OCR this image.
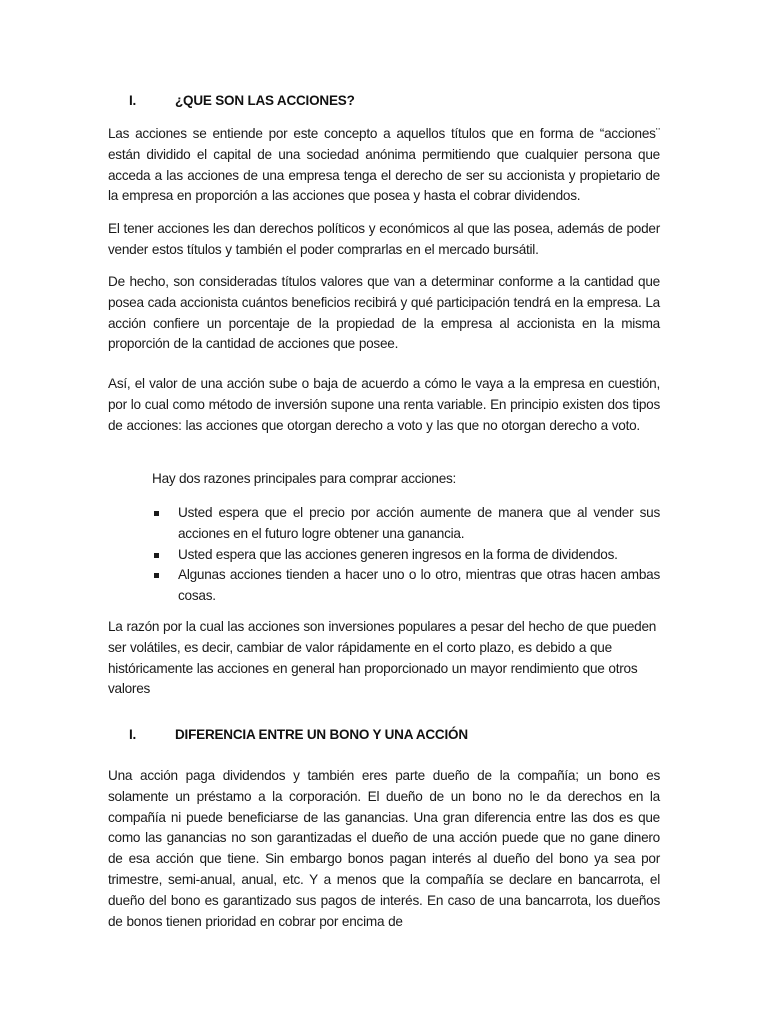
I.	¿QUE SON LAS ACCIONES?

Las acciones se entiende por este concepto a aquellos títulos que en forma de “acciones¨ están dividido el capital de una sociedad anónima permitiendo que cualquier persona que acceda a las acciones de una empresa tenga el derecho de ser su accionista y propietario de la empresa en proporción a las acciones que posea y hasta el cobrar dividendos.

El tener acciones les dan derechos políticos y económicos al que las posea, además de poder vender estos títulos y también el poder comprarlas en el mercado bursátil.

De hecho, son consideradas títulos valores que van a determinar conforme a la cantidad que posea cada accionista cuántos beneficios recibirá y qué participación tendrá en la empresa. La acción confiere un porcentaje de la propiedad de la empresa al accionista en la misma proporción de la cantidad de acciones que posee.

Así, el valor de una acción sube o baja de acuerdo a cómo le vaya a la empresa en cuestión, por lo cual como método de inversión supone una renta variable. En principio existen dos tipos de acciones: las acciones que otorgan derecho a voto y las que no otorgan derecho a voto.

Hay dos razones principales para comprar acciones:
Usted espera que el precio por acción aumente de manera que al vender sus acciones en el futuro logre obtener una ganancia.
Usted espera que las acciones generen ingresos en la forma de dividendos.
Algunas acciones tienden a hacer uno o lo otro, mientras que otras hacen ambas cosas.

La razón por la cual las acciones son inversiones populares a pesar del hecho de que pueden ser volátiles, es decir, cambiar de valor rápidamente en el corto plazo, es debido a que históricamente las acciones en general han proporcionado un mayor rendimiento que otros valores

I.	DIFERENCIA ENTRE UN BONO Y UNA ACCIÓN

Una acción paga dividendos y también eres parte dueño de la compañía; un bono es solamente un préstamo a la corporación. El dueño de un bono no le da derechos en la compañía ni puede beneficiarse de las ganancias. Una gran diferencia entre las dos es que como las ganancias no son garantizadas el dueño de una acción puede que no gane dinero de esa acción que tiene. Sin embargo bonos pagan interés al dueño del bono ya sea por trimestre, semi-anual, anual, etc. Y a menos que la compañía se declare en bancarrota, el dueño del bono es garantizado sus pagos de interés. En caso de una bancarrota, los dueños de bonos tienen prioridad en cobrar por encima de
